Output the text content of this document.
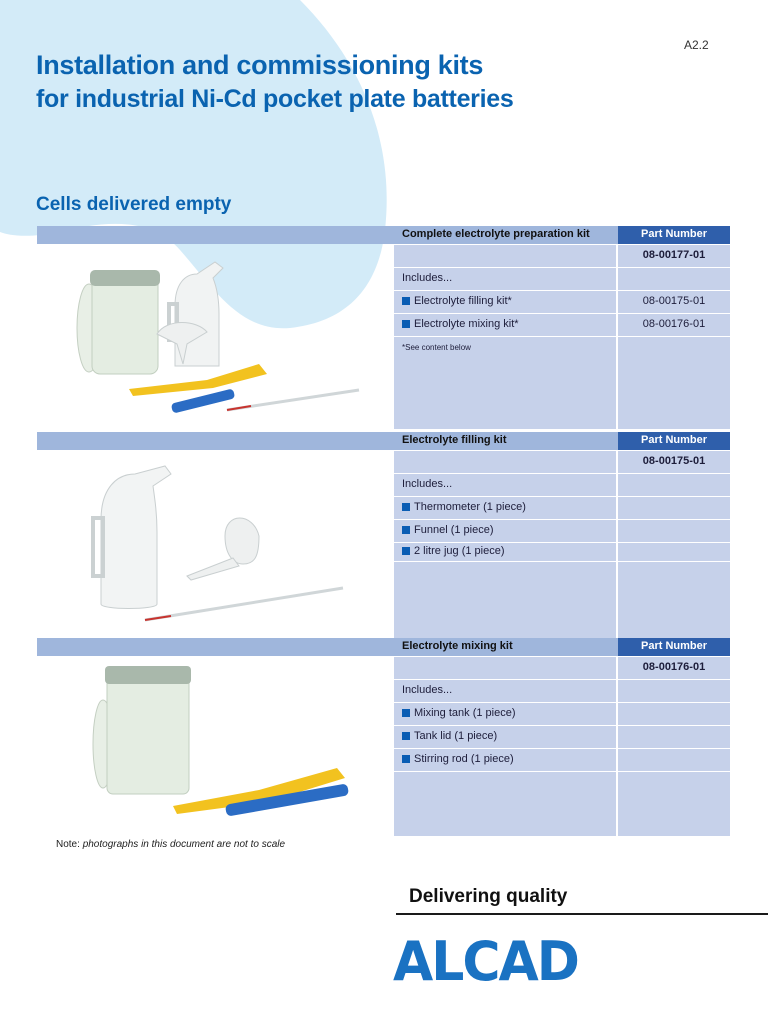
A2.2
Installation and commissioning kits
for industrial Ni-Cd pocket plate batteries
Cells delivered empty
Complete electrolyte preparation kit	Part Number
08-00177-01
Includes...
Electrolyte filling kit*	08-00175-01
Electrolyte mixing kit*	08-00176-01
*See content below
Electrolyte filling kit	Part Number
08-00175-01
Includes...
Thermometer (1 piece)
Funnel (1 piece)
2 litre jug (1 piece)
Electrolyte mixing kit	Part Number
08-00176-01
Includes...
Mixing tank (1 piece)
Tank lid (1 piece)
Stirring rod (1 piece)
Note: photographs in this document are not to scale
Delivering quality
ALCAD
